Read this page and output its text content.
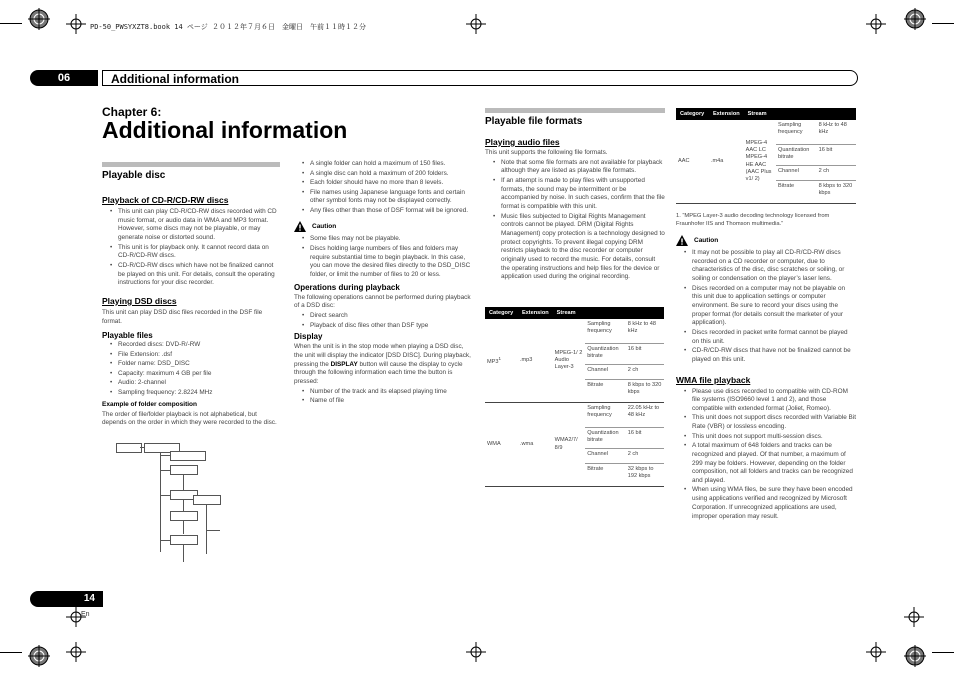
PD-50_PWSYXZT8.book 14 ページ ２０１２年７月６日　金曜日　午前１１時１２分
06	Additional information
14
En
Chapter 6:
Additional information
Playable disc
Playback of CD-R/CD-RW discs
• This unit can play CD-R/CD-RW discs recorded with CD music format, or audio data in WMA and MP3 format. However, some discs may not be playable, or may generate noise or distorted sound.
• This unit is for playback only. It cannot record data on CD-R/CD-RW discs.
• CD-R/CD-RW discs which have not be finalized cannot be played on this unit. For details, consult the operating instructions for your disc recorder.
Playing DSD discs
This unit can play DSD disc files recorded in the DSF file format.
Playable files
• Recorded discs: DVD-R/-RW
• File Extension: .dsf
• Folder name: DSD_DISC
• Capacity: maximum 4 GB per file
• Audio: 2-channel
• Sampling frequency: 2.8224 MHz
Example of folder composition
The order of file/folder playback is not alphabetical, but depends on the order in which they were recorded to the disc.
• A single folder can hold a maximum of 150 files.
• A single disc can hold a maximum of 200 folders.
• Each folder should have no more than 8 levels.
• File names using Japanese language fonts and certain other symbol fonts may not be displayed correctly.
• Any files other than those of DSF format will be ignored.
Caution
• Some files may not be playable.
• Discs holding large numbers of files and folders may require substantial time to begin playback. In this case, you can move the desired files directly to the DSD_DISC folder, or limit the number of files to 20 or less.
Operations during playback
The following operations cannot be performed during playback of a DSD disc:
• Direct search
• Playback of disc files other than DSF type
Display
When the unit is in the stop mode when playing a DSD disc, the unit will display the indicator [DSD DISC]. During playback, pressing the DISPLAY button will cause the display to cycle through the following information each time the button is pressed:
• Number of the track and its elapsed playing time
• Name of file
Playable file formats
Playing audio files
This unit supports the following file formats.
• Note that some file formats are not available for playback although they are listed as playable file formats.
• If an attempt is made to play files with unsupported formats, the sound may be intermittent or be accompanied by noise. In such cases, confirm that the file format is compatible with this unit.
• Music files subjected to Digital Rights Management controls cannot be played. DRM (Digital Rights Management) copy protection is a technology designed to protect copyrights. To prevent illegal copying DRM restricts playback to the disc recorder or computer originally used to record the music. For details, consult the operating instructions and help files for the device or application used during the original recording.
Category	Extension	Stream		
MP3$^1$	.mp3	MPEG-1/ 2 Audio Layer-3	Sampling frequency	8 kHz to 48 kHz
			Quantization bitrate	16 bit
			Channel	2 ch
			Bitrate	8 kbps to 320 kbps
WMA	.wma	WMA2/7/ 8/9	Sampling frequency	22.05 kHz to 48 kHz
			Quantization bitrate	16 bit
			Channel	2 ch
			Bitrate	32 kbps to 192 kbps
Category	Extension	Stream		
AAC	.m4a	MPEG-4 AAC LC MPEG-4 HE AAC (AAC Plus v1/ 2)	Sampling frequency	8 kHz to 48 kHz
			Quantization bitrate	16 bit
			Channel	2 ch
			Bitrate	8 kbps to 320 kbps
1. “MPEG Layer-3 audio decoding technology licensed from Fraunhofer IIS and Thomson multimedia.”
Caution
• It may not be possible to play all CD-R/CD-RW discs recorded on a CD recorder or computer, due to characteristics of the disc, disc scratches or soiling, or soiling or condensation on the player’s laser lens.
• Discs recorded on a computer may not be playable on this unit due to application settings or computer environment. Be sure to record your discs using the proper format (for details consult the marketer of your application).
• Discs recorded in packet write format cannot be played on this unit.
• CD-R/CD-RW discs that have not be finalized cannot be played on this unit.
WMA file playback
• Please use discs recorded to compatible with CD-ROM file systems (ISO9660 level 1 and 2), and those compatible with extended format (Joliet, Romeo).
• This unit does not support discs recorded with Variable Bit Rate (VBR) or lossless encoding.
• This unit does not support multi-session discs.
• A total maximum of 648 folders and tracks can be recognized and played. Of that number, a maximum of 299 may be folders. However, depending on the folder composition, not all folders and tracks can be recognized and played.
• When using WMA files, be sure they have been encoded using applications verified and recognized by Microsoft Corporation. If unrecognized applications are used, improper operation may result.
